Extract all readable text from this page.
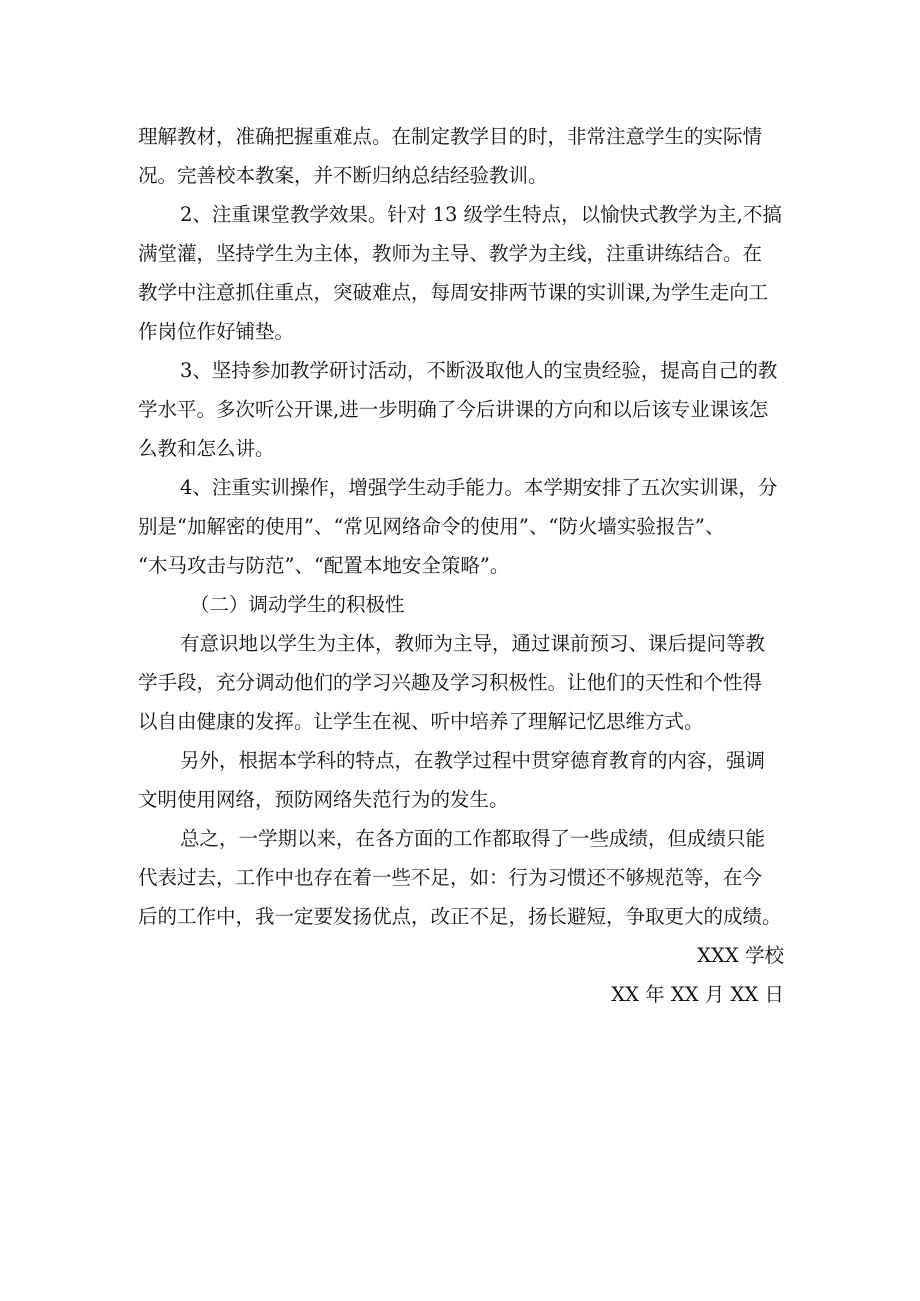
理解教材，准确把握重难点。在制定教学目的时，非常注意学生的实际情
况。完善校本教案，并不断归纳总结经验教训。
2、注重课堂教学效果。针对 13 级学生特点，以愉快式教学为主,不搞
满堂灌，坚持学生为主体，教师为主导、教学为主线，注重讲练结合。在
教学中注意抓住重点，突破难点，每周安排两节课的实训课,为学生走向工
作岗位作好铺垫。
3、坚持参加教学研讨活动，不断汲取他人的宝贵经验，提高自己的教
学水平。多次听公开课,进一步明确了今后讲课的方向和以后该专业课该怎
么教和怎么讲。
4、注重实训操作，增强学生动手能力。本学期安排了五次实训课，分
别是“加解密的使用”、“常见网络命令的使用”、“防火墙实验报告”、
“木马攻击与防范”、“配置本地安全策略”。
（二）调动学生的积极性
有意识地以学生为主体，教师为主导，通过课前预习、课后提问等教
学手段，充分调动他们的学习兴趣及学习积极性。让他们的天性和个性得
以自由健康的发挥。让学生在视、听中培养了理解记忆思维方式。
另外，根据本学科的特点，在教学过程中贯穿德育教育的内容，强调
文明使用网络，预防网络失范行为的发生。
总之，一学期以来，在各方面的工作都取得了一些成绩，但成绩只能
代表过去，工作中也存在着一些不足，如：行为习惯还不够规范等，在今
后的工作中，我一定要发扬优点，改正不足，扬长避短，争取更大的成绩。
XXX 学校
XX 年 XX 月 XX 日
